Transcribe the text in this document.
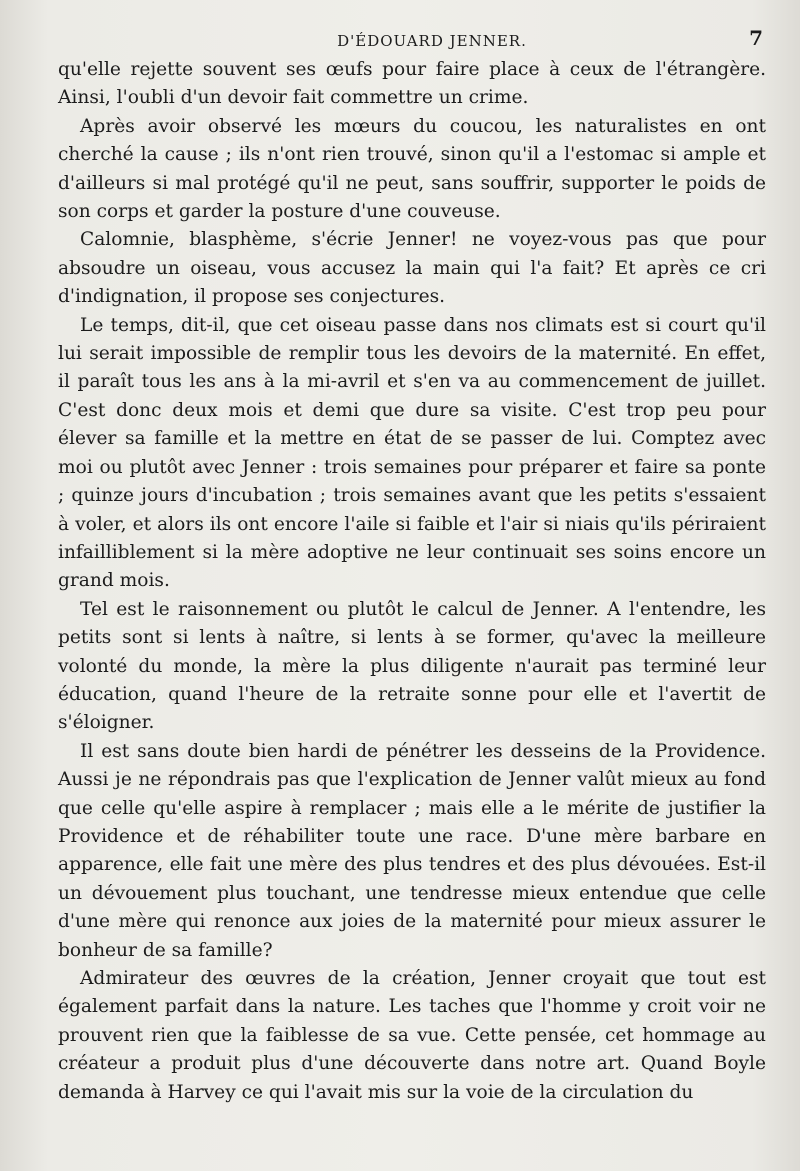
D'ÉDOUARD JENNER.	7

qu'elle rejette souvent ses œufs pour faire place à ceux de l'étrangère. Ainsi, l'oubli d'un devoir fait commettre un crime.

Après avoir observé les mœurs du coucou, les naturalistes en ont cherché la cause ; ils n'ont rien trouvé, sinon qu'il a l'estomac si ample et d'ailleurs si mal protégé qu'il ne peut, sans souffrir, supporter le poids de son corps et garder la posture d'une couveuse.

Calomnie, blasphème, s'écrie Jenner! ne voyez-vous pas que pour absoudre un oiseau, vous accusez la main qui l'a fait? Et après ce cri d'indignation, il propose ses conjectures.

Le temps, dit-il, que cet oiseau passe dans nos climats est si court qu'il lui serait impossible de remplir tous les devoirs de la maternité. En effet, il paraît tous les ans à la mi-avril et s'en va au commencement de juillet. C'est donc deux mois et demi que dure sa visite. C'est trop peu pour élever sa famille et la mettre en état de se passer de lui. Comptez avec moi ou plutôt avec Jenner : trois semaines pour préparer et faire sa ponte ; quinze jours d'incubation ; trois semaines avant que les petits s'essaient à voler, et alors ils ont encore l'aile si faible et l'air si niais qu'ils périraient infailliblement si la mère adoptive ne leur continuait ses soins encore un grand mois.

Tel est le raisonnement ou plutôt le calcul de Jenner. A l'entendre, les petits sont si lents à naître, si lents à se former, qu'avec la meilleure volonté du monde, la mère la plus diligente n'aurait pas terminé leur éducation, quand l'heure de la retraite sonne pour elle et l'avertit de s'éloigner.

Il est sans doute bien hardi de pénétrer les desseins de la Providence. Aussi je ne répondrais pas que l'explication de Jenner valût mieux au fond que celle qu'elle aspire à remplacer ; mais elle a le mérite de justifier la Providence et de réhabiliter toute une race. D'une mère barbare en apparence, elle fait une mère des plus tendres et des plus dévouées. Est-il un dévouement plus touchant, une tendresse mieux entendue que celle d'une mère qui renonce aux joies de la maternité pour mieux assurer le bonheur de sa famille?

Admirateur des œuvres de la création, Jenner croyait que tout est également parfait dans la nature. Les taches que l'homme y croit voir ne prouvent rien que la faiblesse de sa vue. Cette pensée, cet hommage au créateur a produit plus d'une découverte dans notre art. Quand Boyle demanda à Harvey ce qui l'avait mis sur la voie de la circulation du
